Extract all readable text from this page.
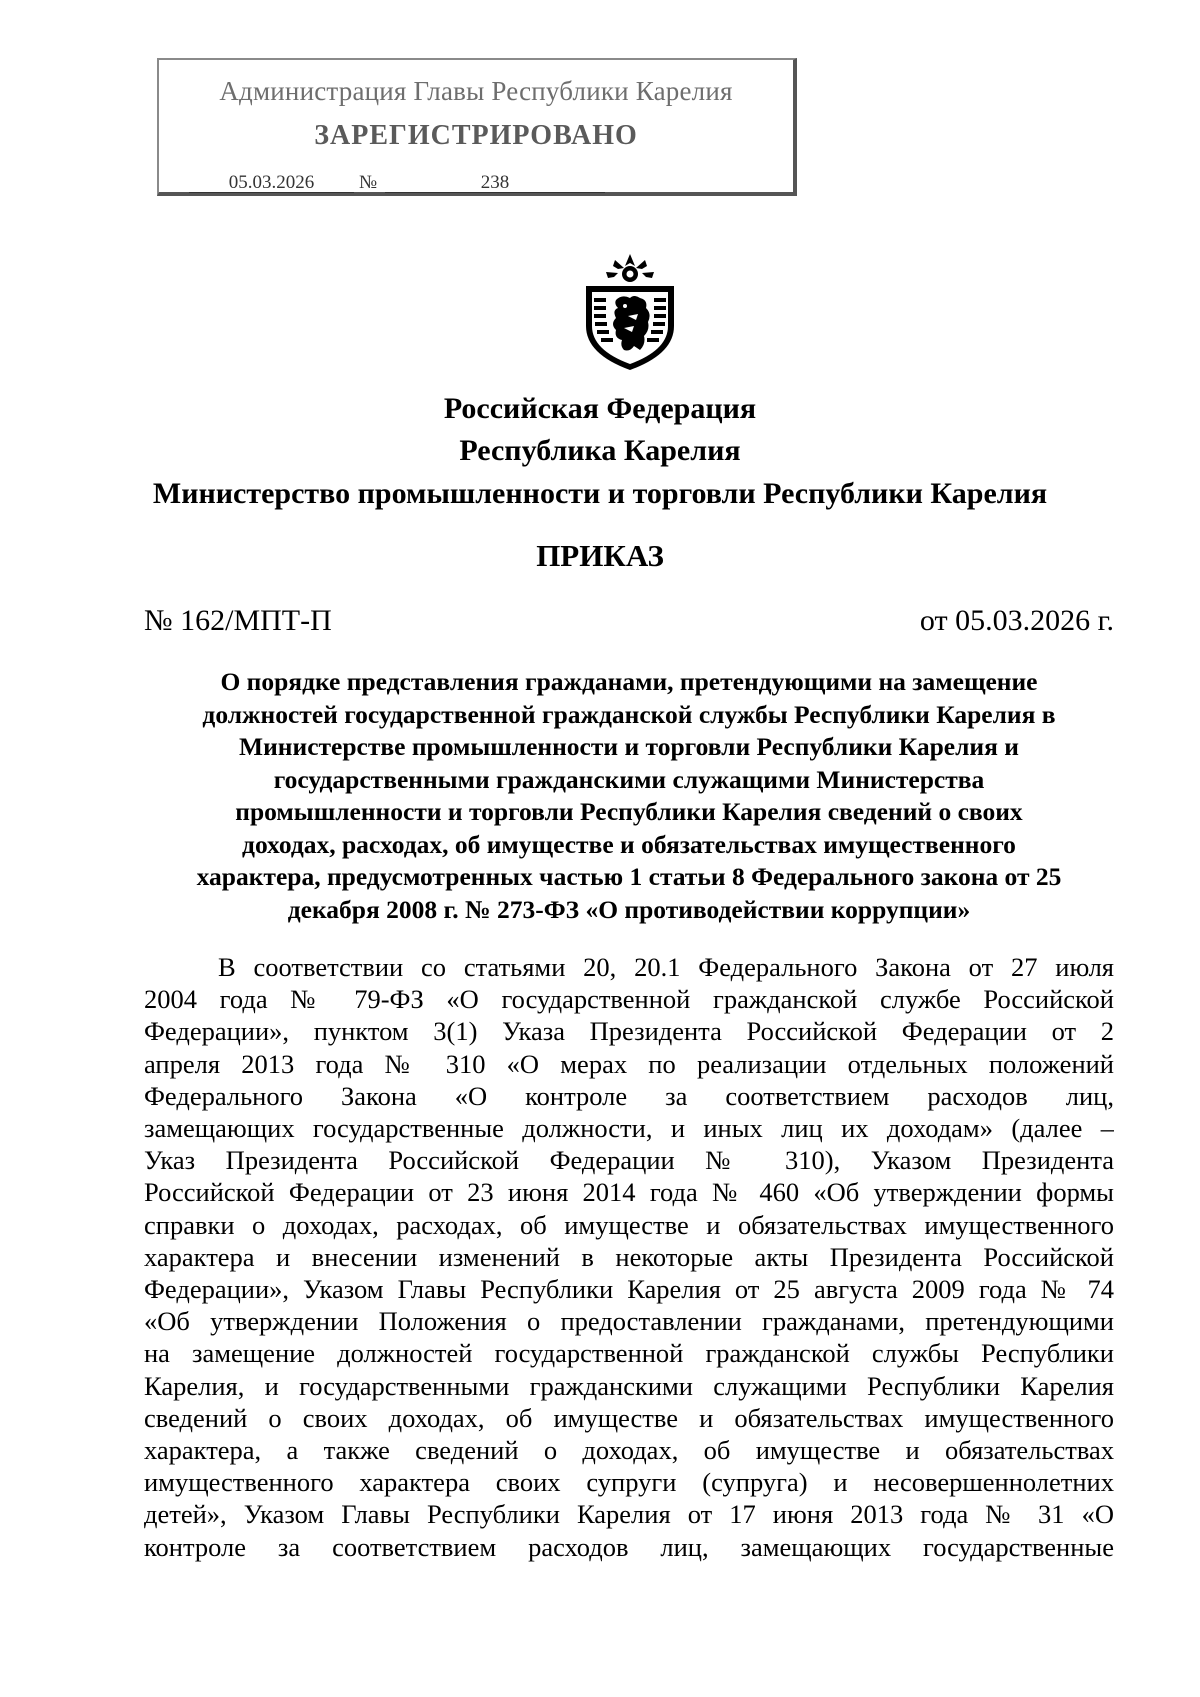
Администрация Главы Республики Карелия
ЗАРЕГИСТРИРОВАНО
05.03.2026	№	238
Российская Федерация
Республика Карелия
Министерство промышленности и торговли Республики Карелия
ПРИКАЗ
№ 162/МПТ-П	от 05.03.2026 г.
О порядке представления гражданами, претендующими на замещение
должностей государственной гражданской службы Республики Карелия в
Министерстве промышленности и торговли Республики Карелия и
государственными гражданскими служащими Министерства
промышленности и торговли Республики Карелия сведений о своих
доходах, расходах, об имуществе и обязательствах имущественного
характера, предусмотренных частью 1 статьи 8 Федерального закона от 25
декабря 2008 г. № 273-ФЗ «О противодействии коррупции»
В соответствии со статьями 20, 20.1 Федерального Закона от 27 июля
2004 года № 79-ФЗ «О государственной гражданской службе Российской
Федерации», пунктом 3(1) Указа Президента Российской Федерации от 2
апреля 2013 года № 310 «О мерах по реализации отдельных положений
Федерального Закона «О контроле за соответствием расходов лиц,
замещающих государственные должности, и иных лиц их доходам» (далее –
Указ Президента Российской Федерации № 310), Указом Президента
Российской Федерации от 23 июня 2014 года № 460 «Об утверждении формы
справки о доходах, расходах, об имуществе и обязательствах имущественного
характера и внесении изменений в некоторые акты Президента Российской
Федерации», Указом Главы Республики Карелия от 25 августа 2009 года № 74
«Об утверждении Положения о предоставлении гражданами, претендующими
на замещение должностей государственной гражданской службы Республики
Карелия, и государственными гражданскими служащими Республики Карелия
сведений о своих доходах, об имуществе и обязательствах имущественного
характера, а также сведений о доходах, об имуществе и обязательствах
имущественного характера своих супруги (супруга) и несовершеннолетних
детей», Указом Главы Республики Карелия от 17 июня 2013 года № 31 «О
контроле за соответствием расходов лиц, замещающих государственные
